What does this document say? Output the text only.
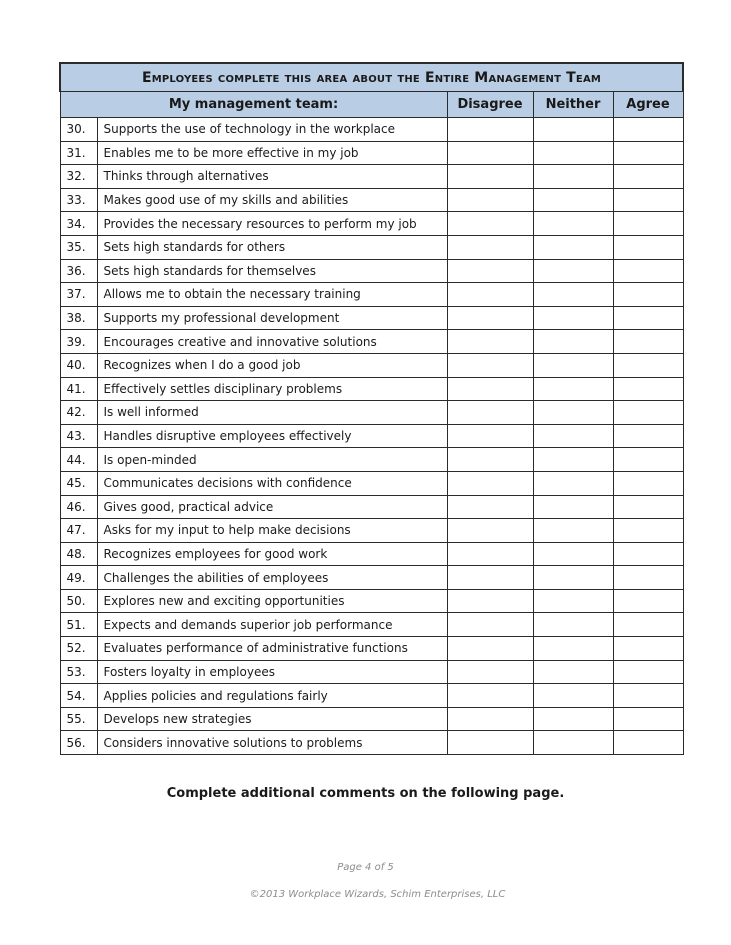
Employees complete this area about the Entire Management Team				
My management team:		Disagree	Neither	Agree
30.	Supports the use of technology in the workplace			
31.	Enables me to be more effective in my job			
32.	Thinks through alternatives			
33.	Makes good use of my skills and abilities			
34.	Provides the necessary resources to perform my job			
35.	Sets high standards for others			
36.	Sets high standards for themselves			
37.	Allows me to obtain the necessary training			
38.	Supports my professional development			
39.	Encourages creative and innovative solutions			
40.	Recognizes when I do a good job			
41.	Effectively settles disciplinary problems			
42.	Is well informed			
43.	Handles disruptive employees effectively			
44.	Is open-minded			
45.	Communicates decisions with confidence			
46.	Gives good, practical advice			
47.	Asks for my input to help make decisions			
48.	Recognizes employees for good work			
49.	Challenges the abilities of employees			
50.	Explores new and exciting opportunities			
51.	Expects and demands superior job performance			
52.	Evaluates performance of administrative functions			
53.	Fosters loyalty in employees			
54.	Applies policies and regulations fairly			
55.	Develops new strategies			
56.	Considers innovative solutions to problems			
Complete additional comments on the following page.
Page 4 of 5
©2013 Workplace Wizards, Schim Enterprises, LLC
